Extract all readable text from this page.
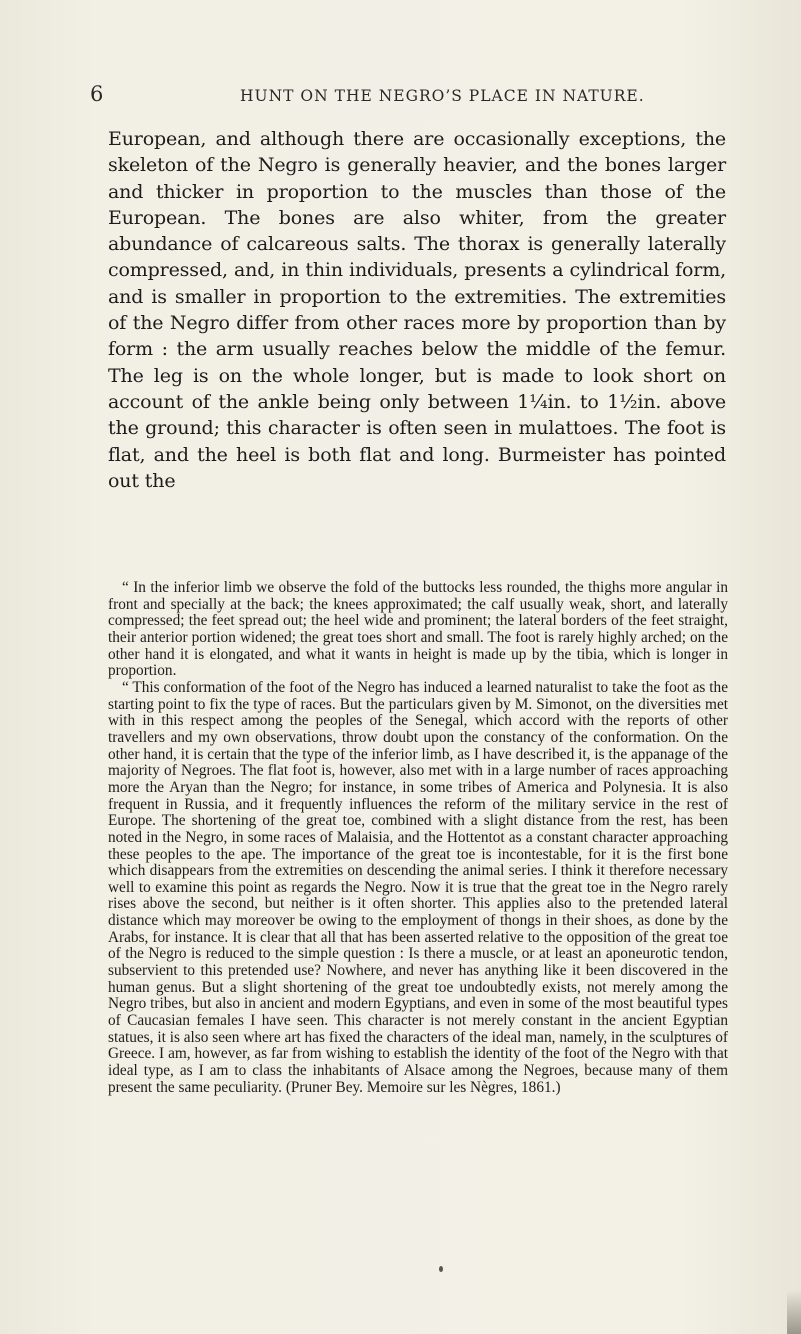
6	HUNT ON THE NEGRO’S PLACE IN NATURE.

European, and although there are occasionally exceptions, the skeleton of the Negro is generally heavier, and the bones larger and thicker in proportion to the muscles than those of the European. The bones are also whiter, from the greater abundance of calcareous salts. The thorax is generally laterally compressed, and, in thin individuals, presents a cylindrical form, and is smaller in proportion to the extremities. The extremities of the Negro differ from other races more by proportion than by form : the arm usually reaches below the middle of the femur. The leg is on the whole longer, but is made to look short on account of the ankle being only between 1¼in. to 1½in. above the ground; this character is often seen in mulattoes. The foot is flat, and the heel is both flat and long. Burmeister has pointed out the

“ In the inferior limb we observe the fold of the buttocks less rounded, the thighs more angular in front and specially at the back; the knees approximated; the calf usually weak, short, and laterally compressed; the feet spread out; the heel wide and prominent; the lateral borders of the feet straight, their anterior portion widened; the great toes short and small. The foot is rarely highly arched; on the other hand it is elongated, and what it wants in height is made up by the tibia, which is longer in proportion.

“ This conformation of the foot of the Negro has induced a learned naturalist to take the foot as the starting point to fix the type of races. But the particulars given by M. Simonot, on the diversities met with in this respect among the peoples of the Senegal, which accord with the reports of other travellers and my own observations, throw doubt upon the constancy of the conformation. On the other hand, it is certain that the type of the inferior limb, as I have described it, is the appanage of the majority of Negroes. The flat foot is, however, also met with in a large number of races approaching more the Aryan than the Negro; for instance, in some tribes of America and Polynesia. It is also frequent in Russia, and it frequently influences the reform of the military service in the rest of Europe. The shortening of the great toe, combined with a slight distance from the rest, has been noted in the Negro, in some races of Malaisia, and the Hottentot as a constant character approaching these peoples to the ape. The importance of the great toe is incontestable, for it is the first bone which disappears from the extremities on descending the animal series. I think it therefore necessary well to examine this point as regards the Negro. Now it is true that the great toe in the Negro rarely rises above the second, but neither is it often shorter. This applies also to the pretended lateral distance which may moreover be owing to the employment of thongs in their shoes, as done by the Arabs, for instance. It is clear that all that has been asserted relative to the opposition of the great toe of the Negro is reduced to the simple question : Is there a muscle, or at least an aponeurotic tendon, subservient to this pretended use? Nowhere, and never has anything like it been discovered in the human genus. But a slight shortening of the great toe undoubtedly exists, not merely among the Negro tribes, but also in ancient and modern Egyptians, and even in some of the most beautiful types of Caucasian females I have seen. This character is not merely constant in the ancient Egyptian statues, it is also seen where art has fixed the characters of the ideal man, namely, in the sculptures of Greece. I am, however, as far from wishing to establish the identity of the foot of the Negro with that ideal type, as I am to class the inhabitants of Alsace among the Negroes, because many of them present the same peculiarity. (Pruner Bey. Memoire sur les Nègres, 1861.)
